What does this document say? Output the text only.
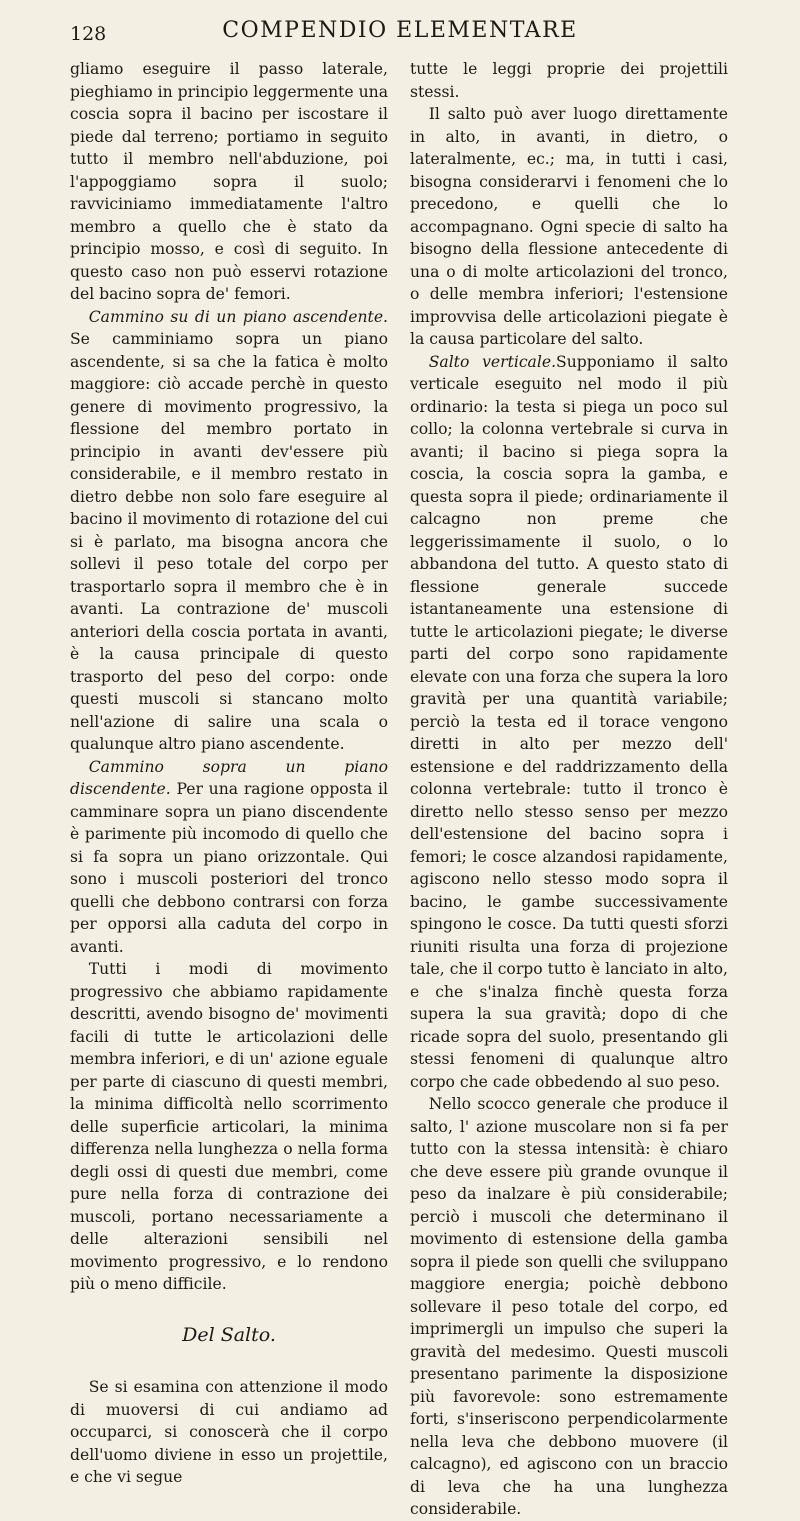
128	COMPENDIO ELEMENTARE

gliamo eseguire il passo laterale, pieghiamo in principio leggermente una coscia sopra il bacino per iscostare il piede dal terreno; portiamo in seguito tutto il membro nell'abduzione, poi l'appoggiamo sopra il suolo; ravviciniamo immediatamente l'altro membro a quello che è stato da principio mosso, e così di seguito. In questo caso non può esservi rotazione del bacino sopra de' femori.

Cammino su di un piano ascendente. Se camminiamo sopra un piano ascendente, si sa che la fatica è molto maggiore: ciò accade perchè in questo genere di movimento progressivo, la flessione del membro portato in principio in avanti dev'essere più considerabile, e il membro restato in dietro debbe non solo fare eseguire al bacino il movimento di rotazione del cui si è parlato, ma bisogna ancora che sollevi il peso totale del corpo per trasportarlo sopra il membro che è in avanti. La contrazione de' muscoli anteriori della coscia portata in avanti, è la causa principale di questo trasporto del peso del corpo: onde questi muscoli si stancano molto nell'azione di salire una scala o qualunque altro piano ascendente.

Cammino sopra un piano discendente. Per una ragione opposta il camminare sopra un piano discendente è parimente più incomodo di quello che si fa sopra un piano orizzontale. Qui sono i muscoli posteriori del tronco quelli che debbono contrarsi con forza per opporsi alla caduta del corpo in avanti.

Tutti i modi di movimento progressivo che abbiamo rapidamente descritti, avendo bisogno de' movimenti facili di tutte le articolazioni delle membra inferiori, e di un' azione eguale per parte di ciascuno di questi membri, la minima difficoltà nello scorrimento delle superficie articolari, la minima differenza nella lunghezza o nella forma degli ossi di questi due membri, come pure nella forza di contrazione dei muscoli, portano necessariamente a delle alterazioni sensibili nel movimento progressivo, e lo rendono più o meno difficile.

Del Salto.

Se si esamina con attenzione il modo di muoversi di cui andiamo ad occuparci, si conoscerà che il corpo dell'uomo diviene in esso un projettile, e che vi segue

tutte le leggi proprie dei projettili stessi.

Il salto può aver luogo direttamente in alto, in avanti, in dietro, o lateralmente, ec.; ma, in tutti i casi, bisogna considerarvi i fenomeni che lo precedono, e quelli che lo accompagnano. Ogni specie di salto ha bisogno della flessione antecedente di una o di molte articolazioni del tronco, o delle membra inferiori; l'estensione improvvisa delle articolazioni piegate è la causa particolare del salto.

Salto verticale.Supponiamo il salto verticale eseguito nel modo il più ordinario: la testa si piega un poco sul collo; la colonna vertebrale si curva in avanti; il bacino si piega sopra la coscia, la coscia sopra la gamba, e questa sopra il piede; ordinariamente il calcagno non preme che leggerissimamente il suolo, o lo abbandona del tutto. A questo stato di flessione generale succede istantaneamente una estensione di tutte le articolazioni piegate; le diverse parti del corpo sono rapidamente elevate con una forza che supera la loro gravità per una quantità variabile; perciò la testa ed il torace vengono diretti in alto per mezzo dell' estensione e del raddrizzamento della colonna vertebrale: tutto il tronco è diretto nello stesso senso per mezzo dell'estensione del bacino sopra i femori; le cosce alzandosi rapidamente, agiscono nello stesso modo sopra il bacino, le gambe successivamente spingono le cosce. Da tutti questi sforzi riuniti risulta una forza di projezione tale, che il corpo tutto è lanciato in alto, e che s'inalza finchè questa forza supera la sua gravità; dopo di che ricade sopra del suolo, presentando gli stessi fenomeni di qualunque altro corpo che cade obbedendo al suo peso.

Nello scocco generale che produce il salto, l' azione muscolare non si fa per tutto con la stessa intensità: è chiaro che deve essere più grande ovunque il peso da inalzare è più considerabile; perciò i muscoli che determinano il movimento di estensione della gamba sopra il piede son quelli che sviluppano maggiore energia; poichè debbono sollevare il peso totale del corpo, ed imprimergli un impulso che superi la gravità del medesimo. Questi muscoli presentano parimente la disposizione più favorevole: sono estremamente forti, s'inseriscono perpendicolarmente nella leva che debbono muovere (il calcagno), ed agiscono con un braccio di leva che ha una lunghezza considerabile.
